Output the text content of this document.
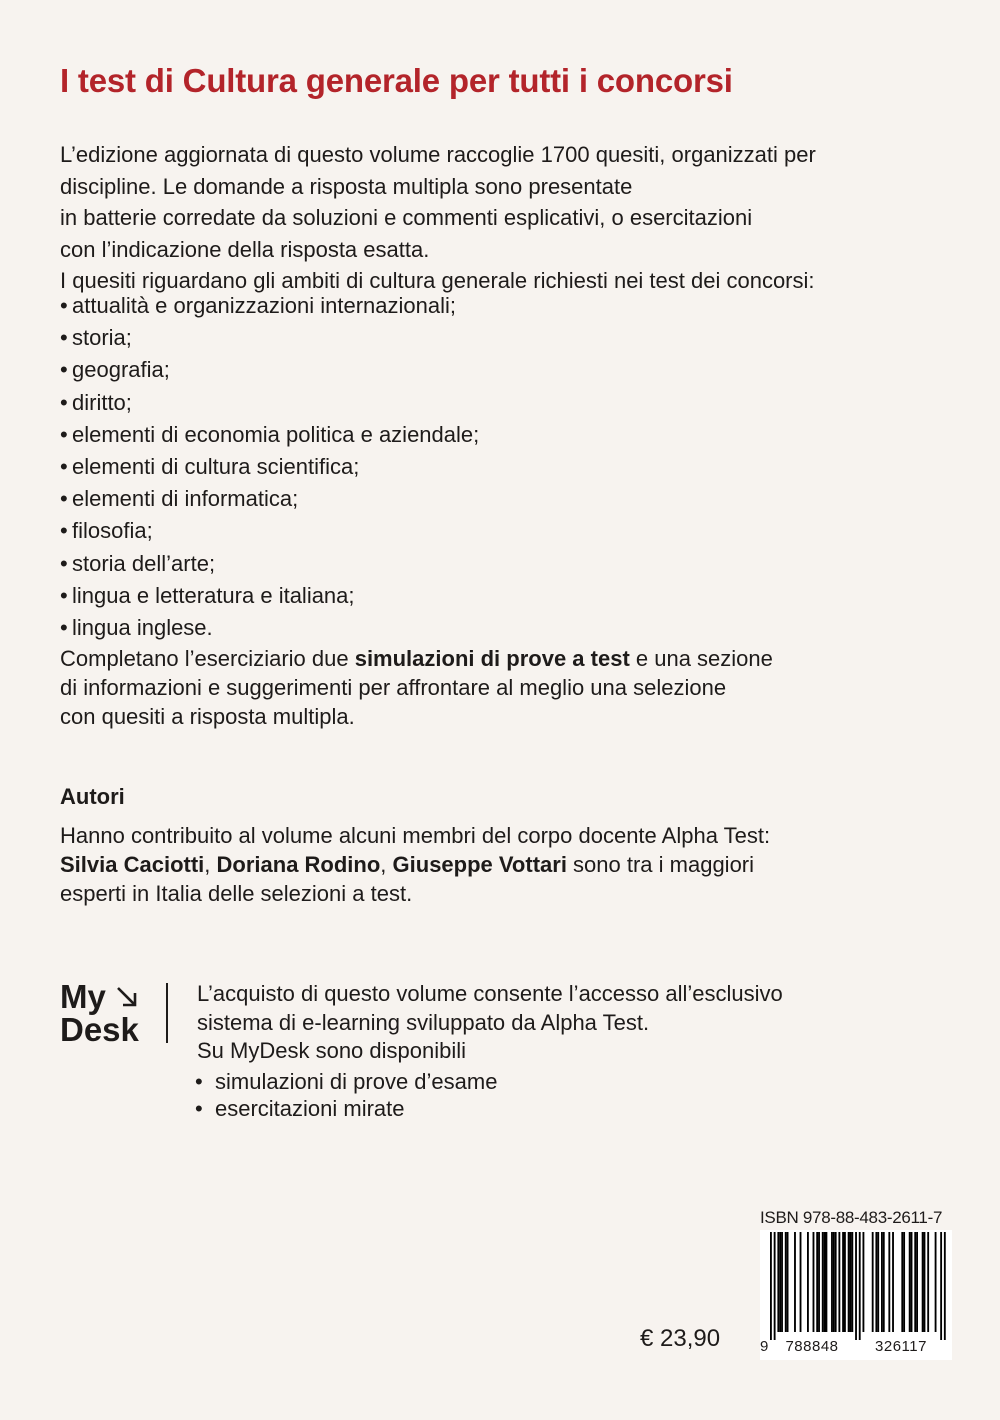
I test di Cultura generale per tutti i concorsi
L’edizione aggiornata di questo volume raccoglie 1700 quesiti, organizzati per
discipline. Le domande a risposta multipla sono presentate
in batterie corredate da soluzioni e commenti esplicativi, o esercitazioni
con l’indicazione della risposta esatta.
I quesiti riguardano gli ambiti di cultura generale richiesti nei test dei concorsi:
• attualità e organizzazioni internazionali;
• storia;
• geografia;
• diritto;
• elementi di economia politica e aziendale;
• elementi di cultura scientifica;
• elementi di informatica;
• filosofia;
• storia dell’arte;
• lingua e letteratura e italiana;
• lingua inglese.
Completano l’eserciziario due simulazioni di prove a test e una sezione
di informazioni e suggerimenti per affrontare al meglio una selezione
con quesiti a risposta multipla.
Autori
Hanno contribuito al volume alcuni membri del corpo docente Alpha Test:
Silvia Caciotti, Doriana Rodino, Giuseppe Vottari sono tra i maggiori
esperti in Italia delle selezioni a test.
My
Desk
L’acquisto di questo volume consente l’accesso all’esclusivo
sistema di e-learning sviluppato da Alpha Test.
Su MyDesk sono disponibili
• simulazioni di prove d’esame
• esercitazioni mirate
ISBN 978-88-483-2611-7
9	788848	326117
€ 23,90
